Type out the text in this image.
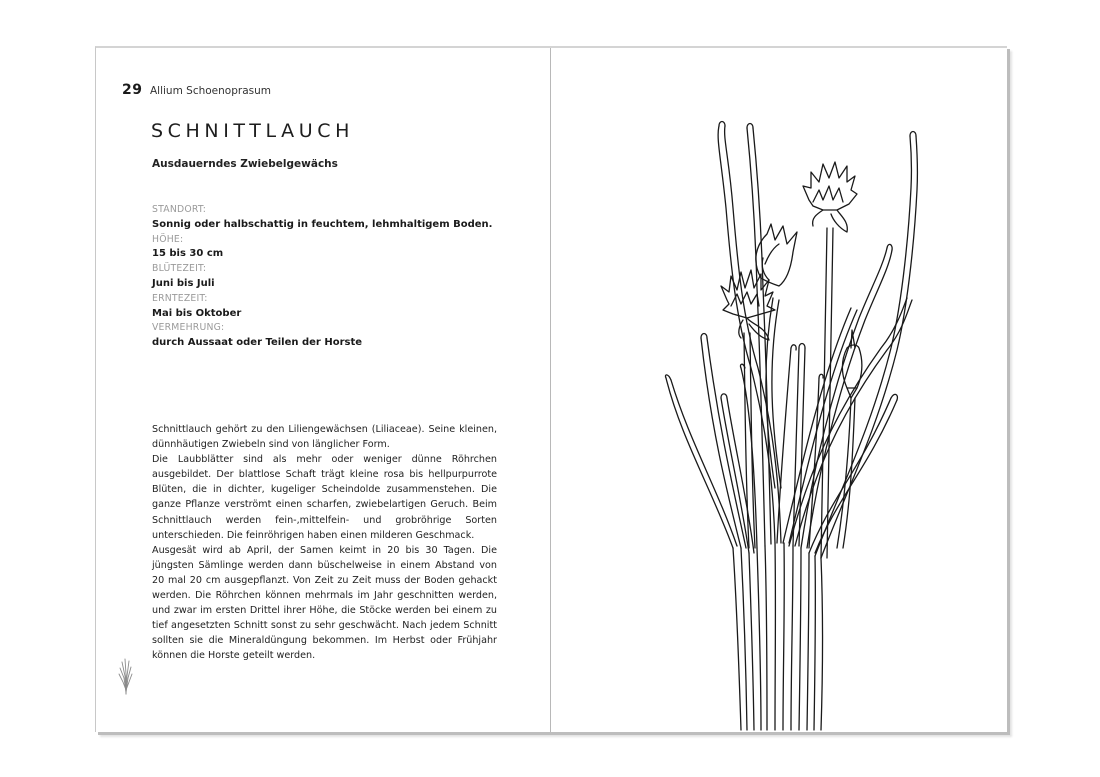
29 Allium Schoenoprasum
SCHNITTLAUCH
Ausdauerndes Zwiebelgewächs
STANDORT:
Sonnig oder halbschattig in feuchtem, lehmhaltigem Boden.
HÖHE:
15 bis 30 cm
BLÜTEZEIT:
Juni bis Juli
ERNTEZEIT:
Mai bis Oktober
VERMEHRUNG:
durch Aussaat oder Teilen der Horste

Schnittlauch gehört zu den Liliengewächsen (Liliaceae). Seine kleinen, dünnhäutigen Zwiebeln sind von länglicher Form.

Die Laubblätter sind als mehr oder weniger dünne Röhrchen ausgebildet. Der blattlose Schaft trägt kleine rosa bis hellpurpurrote Blüten, die in dichter, kugeliger Scheindolde zusammenstehen. Die ganze Pflanze verströmt einen scharfen, zwiebelartigen Geruch. Beim Schnittlauch werden fein-,mittelfein- und grobröhrige Sorten unterschieden. Die feinröhrigen haben einen milderen Geschmack.

Ausgesät wird ab April, der Samen keimt in 20 bis 30 Tagen. Die jüngsten Sämlinge werden dann büschelweise in einem Abstand von 20 mal 20 cm ausgepflanzt. Von Zeit zu Zeit muss der Boden gehackt werden. Die Röhrchen können mehrmals im Jahr geschnitten werden, und zwar im ersten Drittel ihrer Höhe, die Stöcke werden bei einem zu tief angesetzten Schnitt sonst zu sehr geschwächt. Nach jedem Schnitt sollten sie die Mineraldüngung bekommen. Im Herbst oder Frühjahr können die Horste geteilt werden.
